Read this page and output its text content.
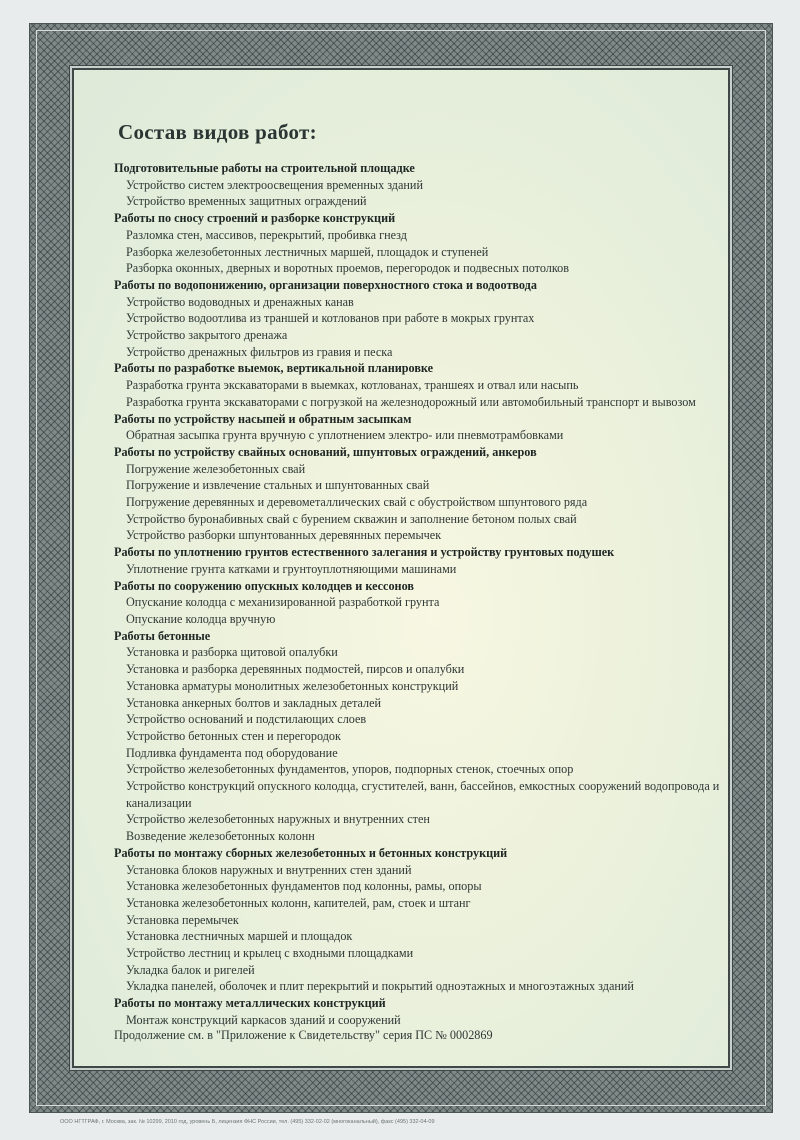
Состав видов работ:
Подготовительные работы на строительной площадке
Устройство систем электроосвещения временных зданий
Устройство временных защитных ограждений
Работы по сносу строений и разборке конструкций
Разломка стен, массивов, перекрытий, пробивка гнезд
Разборка железобетонных лестничных маршей, площадок и ступеней
Разборка оконных, дверных и воротных проемов, перегородок и подвесных потолков
Работы по водопонижению, организации поверхностного стока и водоотвода
Устройство водоводных и дренажных канав
Устройство водоотлива из траншей и котлованов при работе в мокрых грунтах
Устройство закрытого дренажа
Устройство дренажных фильтров из гравия и песка
Работы по разработке выемок, вертикальной планировке
Разработка грунта экскаваторами в выемках, котлованах, траншеях и отвал или насыпь
Разработка грунта экскаваторами с погрузкой на железнодорожный или автомобильный транспорт и вывозом
Работы по устройству насыпей и обратным засыпкам
Обратная засыпка грунта вручную с уплотнением электро- или пневмотрамбовками
Работы по устройству свайных оснований, шпунтовых ограждений, анкеров
Погружение железобетонных свай
Погружение и извлечение стальных и шпунтованных свай
Погружение деревянных и деревометаллических свай с обустройством шпунтового ряда
Устройство буронабивных свай с бурением скважин и заполнение бетоном полых свай
Устройство разборки шпунтованных деревянных перемычек
Работы по уплотнению грунтов естественного залегания и устройству грунтовых подушек
Уплотнение грунта катками и грунтоуплотняющими машинами
Работы по сооружению опускных колодцев и кессонов
Опускание колодца с механизированной разработкой грунта
Опускание колодца вручную
Работы бетонные
Установка и разборка щитовой опалубки
Установка и разборка деревянных подмостей, пирсов и опалубки
Установка арматуры монолитных железобетонных конструкций
Установка анкерных болтов и закладных деталей
Устройство оснований и подстилающих слоев
Устройство бетонных стен и перегородок
Подливка фундамента под оборудование
Устройство железобетонных фундаментов, упоров, подпорных стенок, стоечных опор
Устройство конструкций опускного колодца, сгустителей, ванн, бассейнов, емкостных сооружений водопровода и канализации
Устройство железобетонных наружных и внутренних стен
Возведение железобетонных колонн
Работы по монтажу сборных железобетонных и бетонных конструкций
Установка блоков наружных и внутренних стен зданий
Установка железобетонных фундаментов под колонны, рамы, опоры
Установка железобетонных колонн, капителей, рам, стоек и штанг
Установка перемычек
Установка лестничных маршей и площадок
Устройство лестниц и крылец с входными площадками
Укладка балок и ригелей
Укладка панелей, оболочек и плит перекрытий и покрытий одноэтажных и многоэтажных зданий
Работы по монтажу металлических конструкций
Монтаж конструкций каркасов зданий и сооружений
Продолжение см. в "Приложение к Свидетельству" серия ПС № 0002869
ООО НГТГРАФ, г. Москва, зак. № 10299, 2010 год, уровень Б, лицензия ФНС России, тел. (495) 332-02-02 (многоканальный), факс (495) 332-04-09
